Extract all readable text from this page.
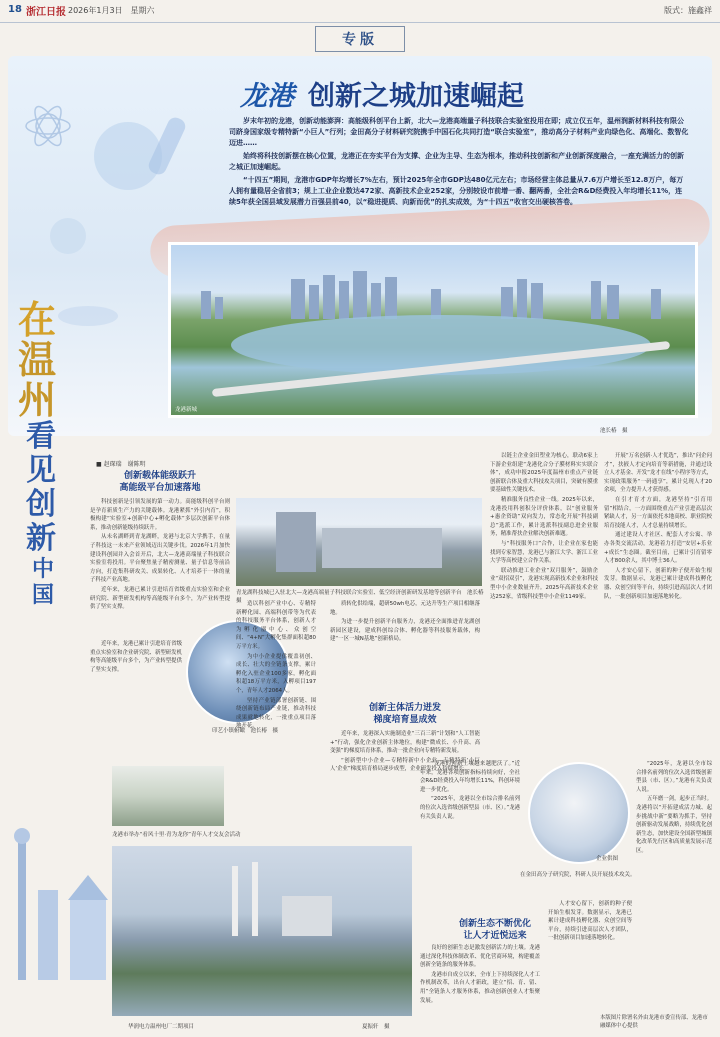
18 浙江日报 2026年1月3日　星期六	版式：施鑫祥
专版
龙港 创新之城加速崛起

岁末年初的龙港，创新动能澎湃：高能级科创平台上新，北大—龙港高端量子科技联合实验室投用在即；成立仅五年，温州润新材料科技有限公司跻身国家级专精特新“小巨人”行列；金田高分子材料研究院携手中国石化共同打造“联合实验室”，推动高分子材料产业向绿色化、高端化、数智化迈进……

始终将科技创新摆在核心位置，龙港正在夯实平台为支撑、企业为主导、生态为根本，推动科技创新和产业创新深度融合，一座充满活力的创新之城正加速崛起。

“十四五”期间，龙港市GDP年均增长7%左右，预计2025年全市GDP达480亿元左右；市场经营主体总量从7.6万户增长至12.8万户，每万人拥有量稳居全省前3；规上工业企业数达472家、高新技术企业252家，分别较设市前增一番、翻两番，全社会R&D经费投入年均增长11%，连续5年获全国县域发展潜力百强县前40，以“稳进提质、向新而优”的扎实成效，为“十四五”收官交出硬核答卷。

龙港新城
池长椿　摄
在
温
州
看
见
创
新
中
国
■ 赵琛瑞　谢陈明
创新载体能级跃升
高能级平台加速落地

科技创新是引领发展的第一动力。高能级科创平台则是孕育新质生产力的关键载体。龙港紧抓“外引内育”，积极构建“实验室+创新中心+孵化载体”多层次创新平台体系，推动创新能级持续跃升。

从未名湖畔到青龙湖畔，龙港与北京大学携手，在量子科技这一未来产业领域迈出关键步伐。2026年1月加快建设科创园并入会首开后，北大—龙港高端量子科技联合实验室将投用。平台聚焦量子精密测量、量子信息等前沿方向，打造集科研攻关、成果转化、人才培养于一体的量子科技产业高地。

近年来，龙港已累计引进培育省级重点实验室和企业研究院、新型研发机构等高能级平台多个，为产业转型提供了坚实支撑。

印艺小镇俯瞰　池长椿　摄

近年来，龙港已累计引进培育省级重点实验室和企业研究院、新型研发机构等高能级平台多个，为产业转型提供了坚实支撑。

龙港市举办“看风十里·青为龙你”青年人才交友会活动
青龙湖科技城已入驻北大—龙港高端量子科技联合实验室、低空经济创新研发基地等创新平台　池长椿　摄	造以科创产业中心、专精特新孵化园、高端科创带等为代表的科技服务平台体系，创新人才为孵化器中心、众创空间、“4+N”大孵化集群面积超80万平方米。

为中小企业提供覆盖初创、成长、壮大的全链条支撑，累计孵化入驻企业100多家，孵化面积超18万平方米，入孵项目197个，青年人才2064人。

坚持产业链部署创新链、围绕创新链布局产业链，推动科技成果就地转化，一批重点项目落地开花。

质转化供给端，超研50wh电芯，元达升等生产项目相继落地。

为进一步提升创新平台服务力，龙港还全面推进青龙湖创新园区建设，建成科创综合体、孵化器等科技服务载体，构建“一区一城N基地”创新格局。

创新主体活力迸发
梯度培育显成效

近年来，龙港深入实施制造业“三百三新”计划和“人工智能+”行动，强化企业创新主体地位，构建“微成长、小升高、高变强”的梯度培育体系，推动一批企业向专精特新发展。

“创新型中小企业—专精特新中小企业—专精特新‘小巨人’企业”梯度培育格局逐步成型，企业研发投入持续增长。

华润电力温州电厂二期项目	夏振轩　摄

以链主企业金田塑业为核心，联动6家上下游企业组建“龙港化合分子膜材料实实联合体”，成功申报2025年度温州市重点产业链创新联合体及重大科技攻关项目，突破有膜重要基础性关键技术。

精准服务良性企业一线。2025年以来，龙港投用科创积分评价体系，以“创业服务+惠企资助”双向发力，常态化开展“科技副总”选派工作，累计选派科技副总进企业服务，精准帮扶企业解决创新难题。

与“科技服务口”合作，让企业在家也能找到专家智慧，龙港已与浙江大学、浙江工业大学等高校建立合作关系。

联动推进工业企业“双月服务”，鼓励企业“双招双引”，龙港实现高新技术企业和科技型中小企业数量齐升。2025年高新技术企业达252家，省级科技型中小企业1149家。

开展“万名创新·人才优选”，推出“问企问才”，扶掖人才定向培育等新措施，并通过设立人才基金、开发“龙才在线”小程序等方式，实现政策服务“一码通享”，累计兑现人才20余项，全力提升人才获得感。

在引才育才方面，龙港坚持“引育用留”相结合，一方面围绕重点产业引进高层次紧缺人才，另一方面依托本地高校、职业院校培育技能人才，人才总量持续增长。

通过建设人才社区、配套人才公寓、举办各类交流活动，龙港着力打造“安居+乐业+成长”生态圈。截至目前，已累计引育留零人才800余人，其中博士36人。

人才安心留下，创新的种子便开始生根发芽。数据显示，龙港已累计建成科技孵化器、众创空间等平台，持续引进高层次人才团队，一批创新项目加速落地转化。

企业供图
在金田高分子研究院，科研人员开展技术攻关。

“龙港的创新土壤越来越肥沃了。”近年来，龙港各项创新指标持续向好，全社会R&D经费投入年均增长11%，科创环境进一步优化。

“2025年，龙港以全市综合排名前列的位次入选省级创新型县（市、区）。”龙港有关负责人说。

“2025年，龙港以全市综合排名前列的位次入选省级创新型县（市、区）。”龙港有关负责人说。

五年磨一剑，起步正当时。龙港将以“开拓建成活力城、起步挑战中新”要略为抓手，坚持创新驱动发展战略，持续优化创新生态，加快建设全国新型城镇化改革先行区和高质量发展示范区。

创新生态不断优化
让人才近悦远来

良好的创新生态是激发创新活力的土壤。龙港通过深化科技体制改革、优化营商环境，构建覆盖创新全链条的服务体系。

龙港市自成立以来，全市上下持续深化人才工作机制改革，出台人才新政，建立“招、育、留、用”全链条人才服务体系，推动创新创业人才集聚发展。

人才安心留下，创新的种子便开始生根发芽。数据显示，龙港已累计建成科技孵化器、众创空间等平台，持续引进高层次人才团队，一批创新项目加速落地转化。

本版图片除署名外由龙港市委宣传部、龙港市融媒体中心提供
